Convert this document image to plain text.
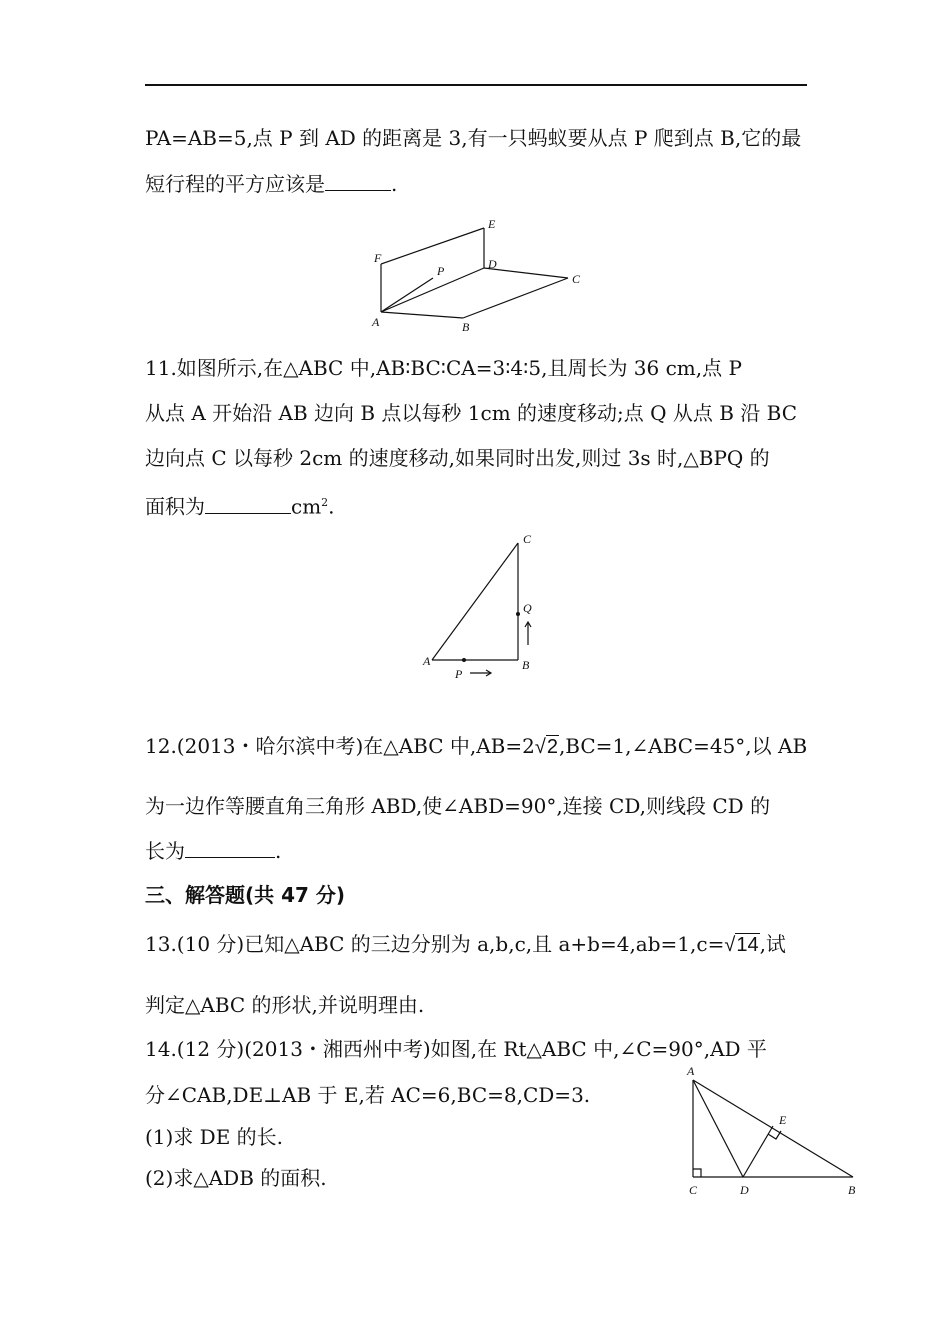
PA=AB=5,点 P 到 AD 的距离是 3,有一只蚂蚁要从点 P 爬到点 B,它的最
短行程的平方应该是	.
E
F
P	D
C
A	B
11.如图所示,在△ABC 中,AB∶BC∶CA=3∶4∶5,且周长为 36 cm,点 P
从点 A 开始沿 AB 边向 B 点以每秒 1cm 的速度移动;点 Q 从点 B 沿 BC
边向点 C 以每秒 2cm 的速度移动,如果同时出发,则过 3s 时,△BPQ 的
面积为	$cm^2$.
C
Q
A
P
B
12.(2013・哈尔滨中考)在△ABC 中,AB=2√2,BC=1,∠ABC=45°,以 AB
为一边作等腰直角三角形 ABD,使∠ABD=90°,连接 CD,则线段 CD 的
长为	.
三、解答题(共 47 分)
13.(10 分)已知△ABC 的三边分别为 a,b,c,且 a+b=4,ab=1,c=√14,试
判定△ABC 的形状,并说明理由.
14.(12 分)(2013・湘西州中考)如图,在 Rt△ABC 中,∠C=90°,AD 平
分∠CAB,DE⊥AB 于 E,若 AC=6,BC=8,CD=3.
(1)求 DE 的长.
(2)求△ADB 的面积.
A
E
C	D	B
